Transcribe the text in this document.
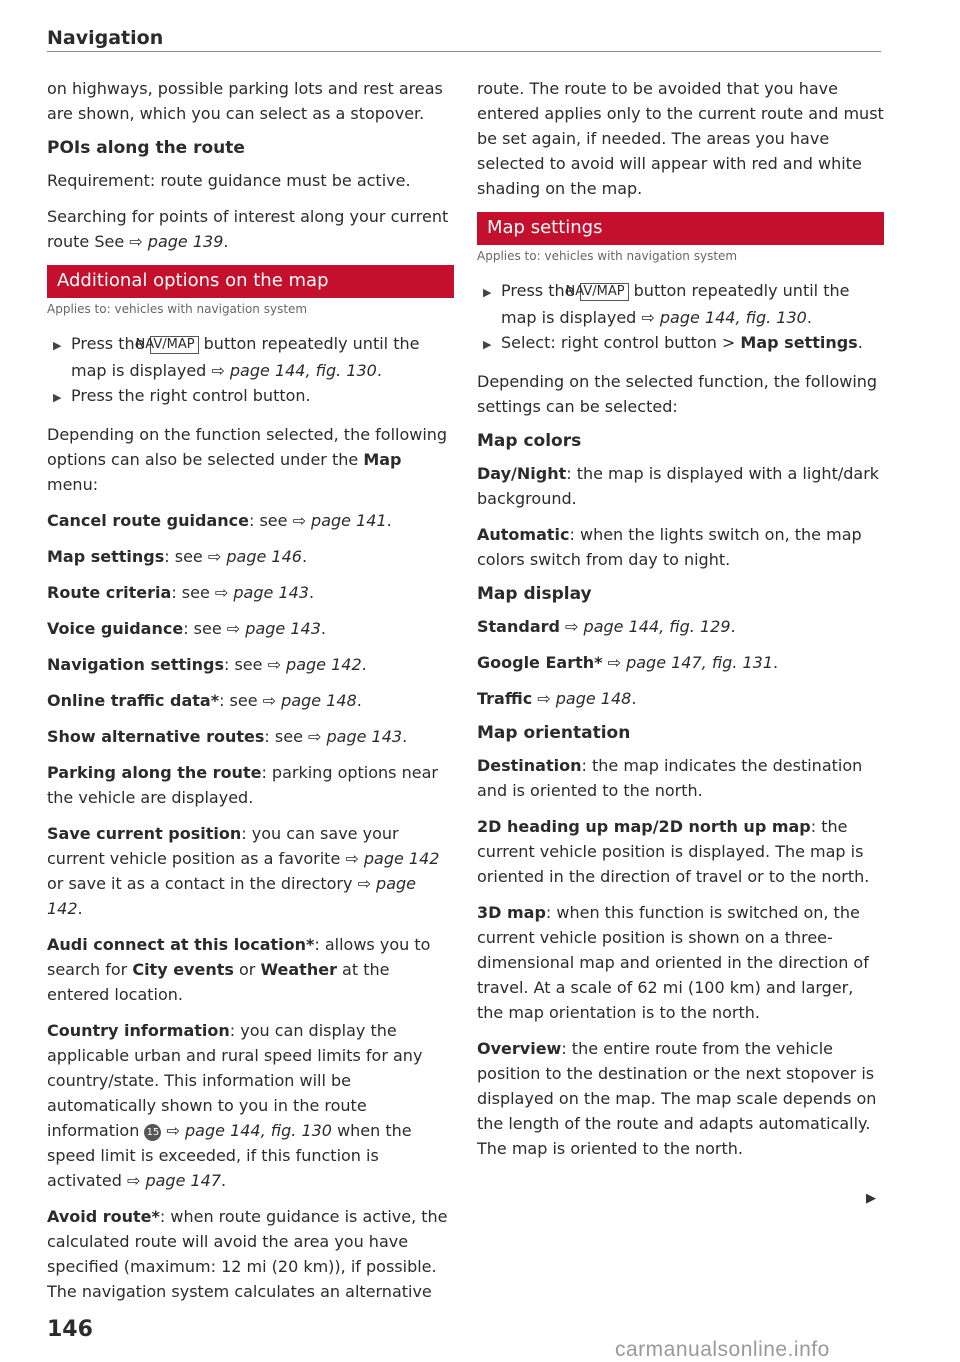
Navigation

on highways, possible parking lots and rest areas are shown, which you can select as a stopover.

POIs along the route

Requirement: route guidance must be active.

Searching for points of interest along your current route See ⇨ page 139.

Additional options on the map
Applies to: vehicles with navigation system

▶ Press the NAV/MAP button repeatedly until the map is displayed ⇨ page 144, fig. 130.

▶ Press the right control button.

Depending on the function selected, the following options can also be selected under the Map menu:

Cancel route guidance: see ⇨ page 141.

Map settings: see ⇨ page 146.

Route criteria: see ⇨ page 143.

Voice guidance: see ⇨ page 143.

Navigation settings: see ⇨ page 142.

Online traffic data*: see ⇨ page 148.

Show alternative routes: see ⇨ page 143.

Parking along the route: parking options near the vehicle are displayed.

Save current position: you can save your current vehicle position as a favorite ⇨ page 142 or save it as a contact in the directory ⇨ page 142.

Audi connect at this location*: allows you to search for City events or Weather at the entered location.

Country information: you can display the applicable urban and rural speed limits for any country/state. This information will be automatically shown to you in the route information 15 ⇨ page 144, fig. 130 when the speed limit is exceeded, if this function is activated ⇨ page 147.

Avoid route*: when route guidance is active, the calculated route will avoid the area you have specified (maximum: 12 mi (20 km)), if possible. The navigation system calculates an alternative

route. The route to be avoided that you have entered applies only to the current route and must be set again, if needed. The areas you have selected to avoid will appear with red and white shading on the map.

Map settings
Applies to: vehicles with navigation system

▶ Press the NAV/MAP button repeatedly until the map is displayed ⇨ page 144, fig. 130.

▶ Select: right control button > Map settings.

Depending on the selected function, the following settings can be selected:

Map colors

Day/Night: the map is displayed with a light/dark background.

Automatic: when the lights switch on, the map colors switch from day to night.

Map display

Standard ⇨ page 144, fig. 129.

Google Earth* ⇨ page 147, fig. 131.

Traffic ⇨ page 148.

Map orientation

Destination: the map indicates the destination and is oriented to the north.

2D heading up map/2D north up map: the current vehicle position is displayed. The map is oriented in the direction of travel or to the north.

3D map: when this function is switched on, the current vehicle position is shown on a three-dimensional map and oriented in the direction of travel. At a scale of 62 mi (100 km) and larger, the map orientation is to the north.

Overview: the entire route from the vehicle position to the destination or the next stopover is displayed on the map. The map scale depends on the length of the route and adapts automatically. The map is oriented to the north.

▶
146
carmanualsonline.info
